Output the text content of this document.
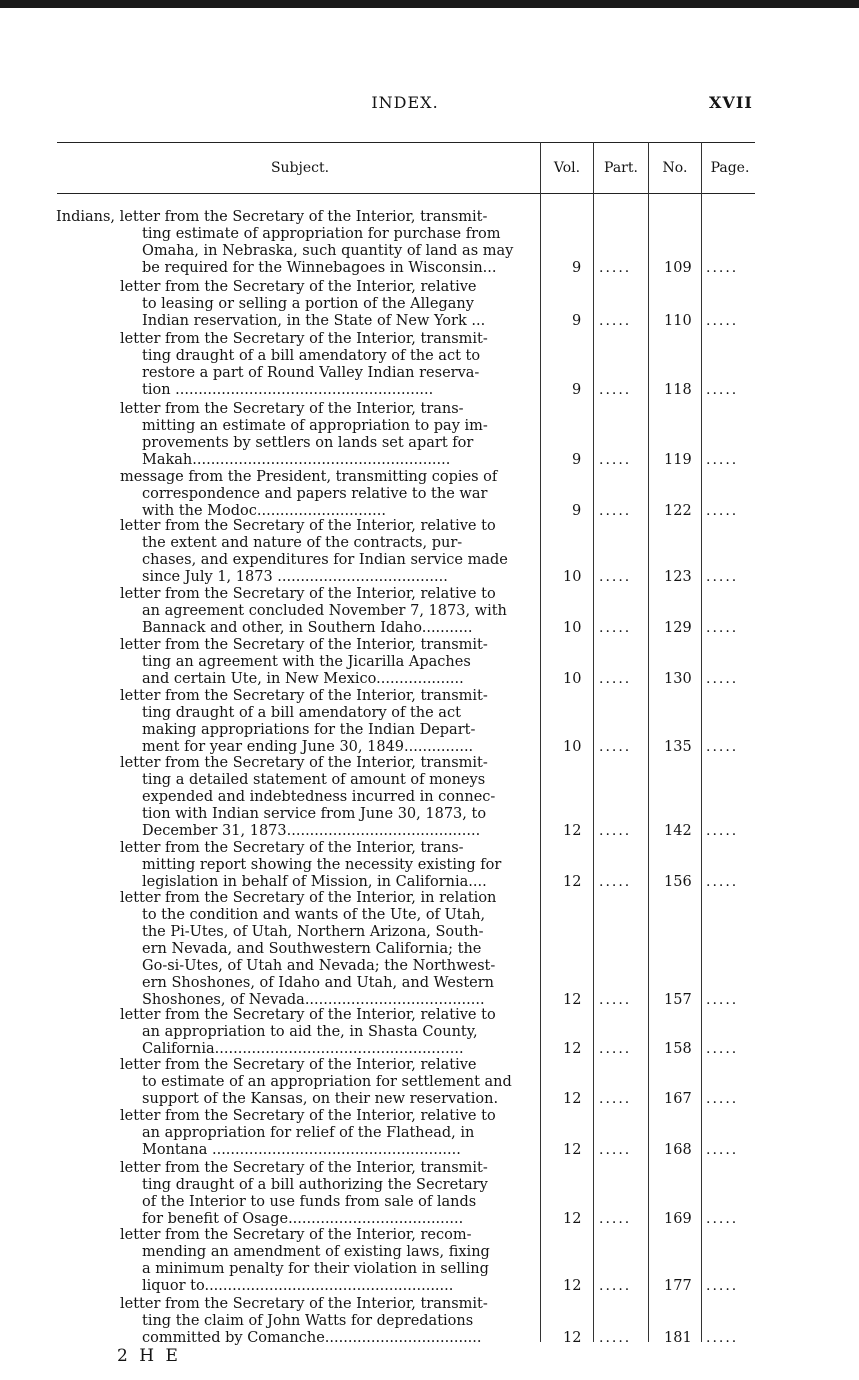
INDEX.	XVII
Subject.	Vol.	Part.	No.	Page.
Indians, letter from the Secretary of the Interior, transmit-
ting estimate of appropriation for purchase from
Omaha, in Nebraska, such quantity of land as may
be required for the Winnebagoes in Wisconsin...	9 ..... 109 .....
letter from the Secretary of the Interior, relative
to leasing or selling a portion of the Allegany
Indian reservation, in the State of New York ...	9 ..... 110 .....
letter from the Secretary of the Interior, transmit-
ting draught of a bill amendatory of the act to
restore a part of Round Valley Indian reserva-
tion ........................................................	9 ..... 118 .....
letter from the Secretary of the Interior, trans-
mitting an estimate of appropriation to pay im-
provements by settlers on lands set apart for
Makah........................................................	9 ..... 119 .....
message from the President, transmitting copies of
correspondence and papers relative to the war
with the Modoc............................	9 ..... 122 .....
letter from the Secretary of the Interior, relative to
the extent and nature of the contracts, pur-
chases, and expenditures for Indian service made
since July 1, 1873 .....................................	10 ..... 123 .....
letter from the Secretary of the Interior, relative to
an agreement concluded November 7, 1873, with
Bannack and other, in Southern Idaho...........	10 ..... 129 .....
letter from the Secretary of the Interior, transmit-
ting an agreement with the Jicarilla Apaches
and certain Ute, in New Mexico...................	10 ..... 130 .....
letter from the Secretary of the Interior, transmit-
ting draught of a bill amendatory of the act
making appropriations for the Indian Depart-
ment for year ending June 30, 1849...............	10 ..... 135 .....
letter from the Secretary of the Interior, transmit-
ting a detailed statement of amount of moneys
expended and indebtedness incurred in connec-
tion with Indian service from June 30, 1873, to
December 31, 1873..........................................	12 ..... 142 .....
letter from the Secretary of the Interior, trans-
mitting report showing the necessity existing for
legislation in behalf of Mission, in California....	12 ..... 156 .....
letter from the Secretary of the Interior, in relation
to the condition and wants of the Ute, of Utah,
the Pi-Utes, of Utah, Northern Arizona, South-
ern Nevada, and Southwestern California; the
Go-si-Utes, of Utah and Nevada; the Northwest-
ern Shoshones, of Idaho and Utah, and Western
Shoshones, of Nevada.......................................	12 ..... 157 .....
letter from the Secretary of the Interior, relative to
an appropriation to aid the, in Shasta County,
California......................................................	12 ..... 158 .....
letter from the Secretary of the Interior, relative
to estimate of an appropriation for settlement and
support of the Kansas, on their new reservation.	12 ..... 167 .....
letter from the Secretary of the Interior, relative to
an appropriation for relief of the Flathead, in
Montana ......................................................	12 ..... 168 .....
letter from the Secretary of the Interior, transmit-
ting draught of a bill authorizing the Secretary
of the Interior to use funds from sale of lands
for benefit of Osage......................................	12 ..... 169 .....
letter from the Secretary of the Interior, recom-
mending an amendment of existing laws, fixing
a minimum penalty for their violation in selling
liquor to......................................................	12 ..... 177 .....
letter from the Secretary of the Interior, transmit-
ting the claim of John Watts for depredations
committed by Comanche..................................	12 ..... 181 .....
2 H E
